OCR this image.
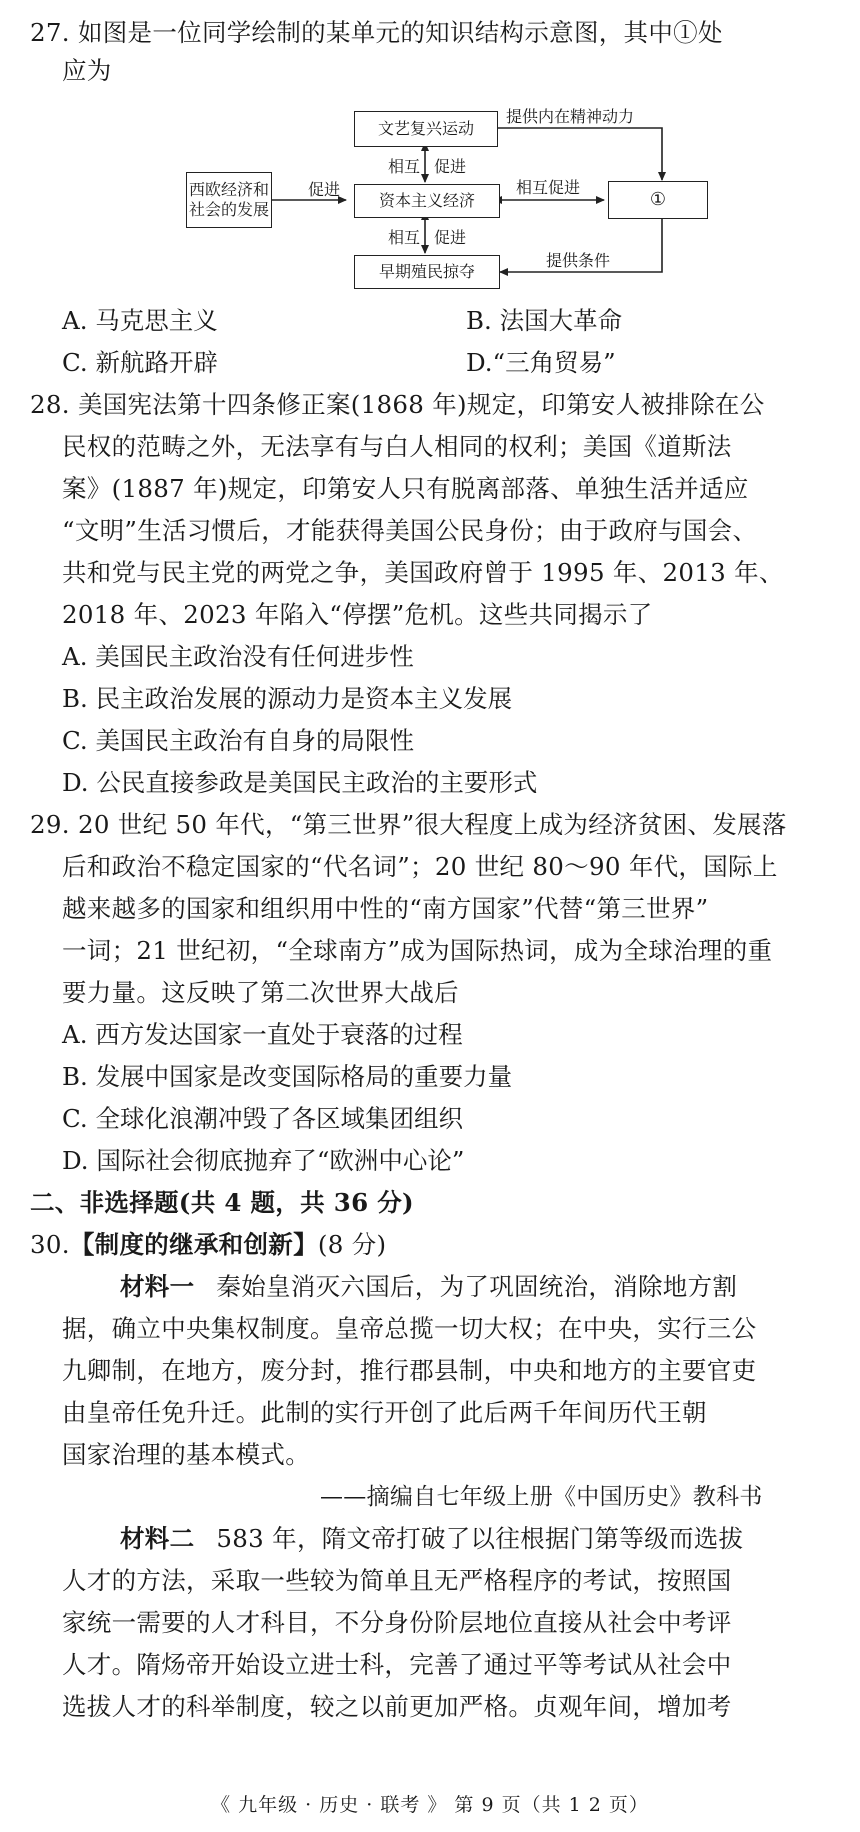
27. 如图是一位同学绘制的某单元的知识结构示意图，其中①处
应为
西欧经济和
社会的发展
文艺复兴运动
资本主义经济
早期殖民掠夺
①
促进
相互 促进
相互 促进
提供内在精神动力
相互促进
提供条件
A. 马克思主义	B. 法国大革命
C. 新航路开辟	D.“三角贸易”
28. 美国宪法第十四条修正案(1868 年)规定，印第安人被排除在公
民权的范畴之外，无法享有与白人相同的权利；美国《道斯法
案》(1887 年)规定，印第安人只有脱离部落、单独生活并适应
“文明”生活习惯后，才能获得美国公民身份；由于政府与国会、
共和党与民主党的两党之争，美国政府曾于 1995 年、2013 年、
2018 年、2023 年陷入“停摆”危机。这些共同揭示了
A. 美国民主政治没有任何进步性
B. 民主政治发展的源动力是资本主义发展
C. 美国民主政治有自身的局限性
D. 公民直接参政是美国民主政治的主要形式
29. 20 世纪 50 年代，“第三世界”很大程度上成为经济贫困、发展落
后和政治不稳定国家的“代名词”；20 世纪 80～90 年代，国际上
越来越多的国家和组织用中性的“南方国家”代替“第三世界”
一词；21 世纪初，“全球南方”成为国际热词，成为全球治理的重
要力量。这反映了第二次世界大战后
A. 西方发达国家一直处于衰落的过程
B. 发展中国家是改变国际格局的重要力量
C. 全球化浪潮冲毁了各区域集团组织
D. 国际社会彻底抛弃了“欧洲中心论”
二、非选择题(共 4 题，共 36 分)
30.【制度的继承和创新】(8 分)
材料一 秦始皇消灭六国后，为了巩固统治，消除地方割
据，确立中央集权制度。皇帝总揽一切大权；在中央，实行三公
九卿制，在地方，废分封，推行郡县制，中央和地方的主要官吏
由皇帝任免升迁。此制的实行开创了此后两千年间历代王朝
国家治理的基本模式。
——摘编自七年级上册《中国历史》教科书
材料二 583 年，隋文帝打破了以往根据门第等级而选拔
人才的方法，采取一些较为简单且无严格程序的考试，按照国
家统一需要的人才科目，不分身份阶层地位直接从社会中考评
人才。隋炀帝开始设立进士科，完善了通过平等考试从社会中
选拔人才的科举制度，较之以前更加严格。贞观年间，增加考
《 九年级 · 历史 · 联考 》 第 9 页（共 1 2 页）
